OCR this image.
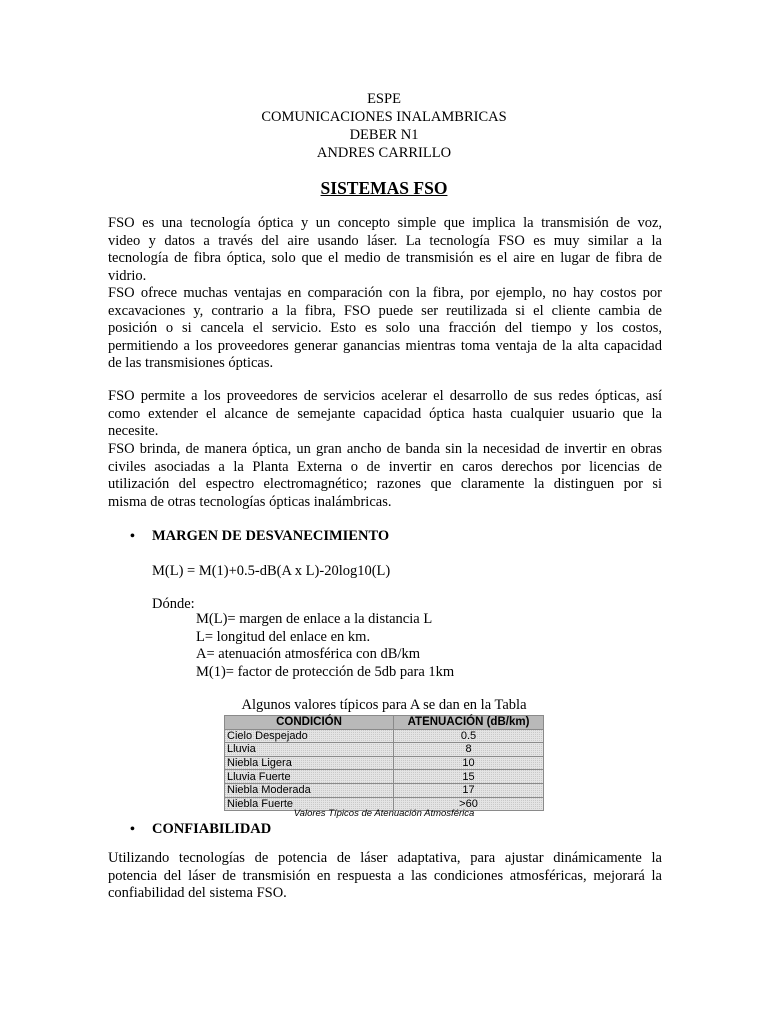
ESPE
COMUNICACIONES INALAMBRICAS
DEBER N1
ANDRES CARRILLO
SISTEMAS FSO
FSO es una tecnología óptica y un concepto simple que implica la transmisión de voz,
video y datos a través del aire usando láser. La tecnología FSO es muy similar a la
tecnología de fibra óptica, solo que el medio de transmisión es el aire en lugar de fibra de
vidrio.
FSO ofrece muchas ventajas en comparación con la fibra, por ejemplo, no hay costos por
excavaciones y, contrario a la fibra, FSO puede ser reutilizada si el cliente cambia de
posición o si cancela el servicio. Esto es solo una fracción del tiempo y los costos,
permitiendo a los proveedores generar ganancias mientras toma ventaja de la alta capacidad
de las transmisiones ópticas.
FSO permite a los proveedores de servicios acelerar el desarrollo de sus redes ópticas, así
como extender el alcance de semejante capacidad óptica hasta cualquier usuario que la
necesite.
FSO brinda, de manera óptica, un gran ancho de banda sin la necesidad de invertir en obras
civiles asociadas a la Planta Externa o de invertir en caros derechos por licencias de
utilización del espectro electromagnético; razones que claramente la distinguen por si
misma de otras tecnologías ópticas inalámbricas.
• MARGEN DE DESVANECIMIENTO
M(L) = M(1)+0.5-dB(A x L)-20log10(L)
Dónde:
M(L)= margen de enlace a la distancia L
L= longitud del enlace en km.
A= atenuación atmosférica con dB/km
M(1)= factor de protección de 5db para 1km
Algunos valores típicos para A se dan en la Tabla
CONDICIÓN	ATENUACIÓN (dB/km)
Cielo Despejado	0.5
Lluvia	8
Niebla Ligera	10
Lluvia Fuerte	15
Niebla Moderada	17
Niebla Fuerte	>60
Valores Típicos de Atenuación Atmosférica
• CONFIABILIDAD
Utilizando tecnologías de potencia de láser adaptativa, para ajustar dinámicamente la
potencia del láser de transmisión en respuesta a las condiciones atmosféricas, mejorará la
confiabilidad del sistema FSO.
